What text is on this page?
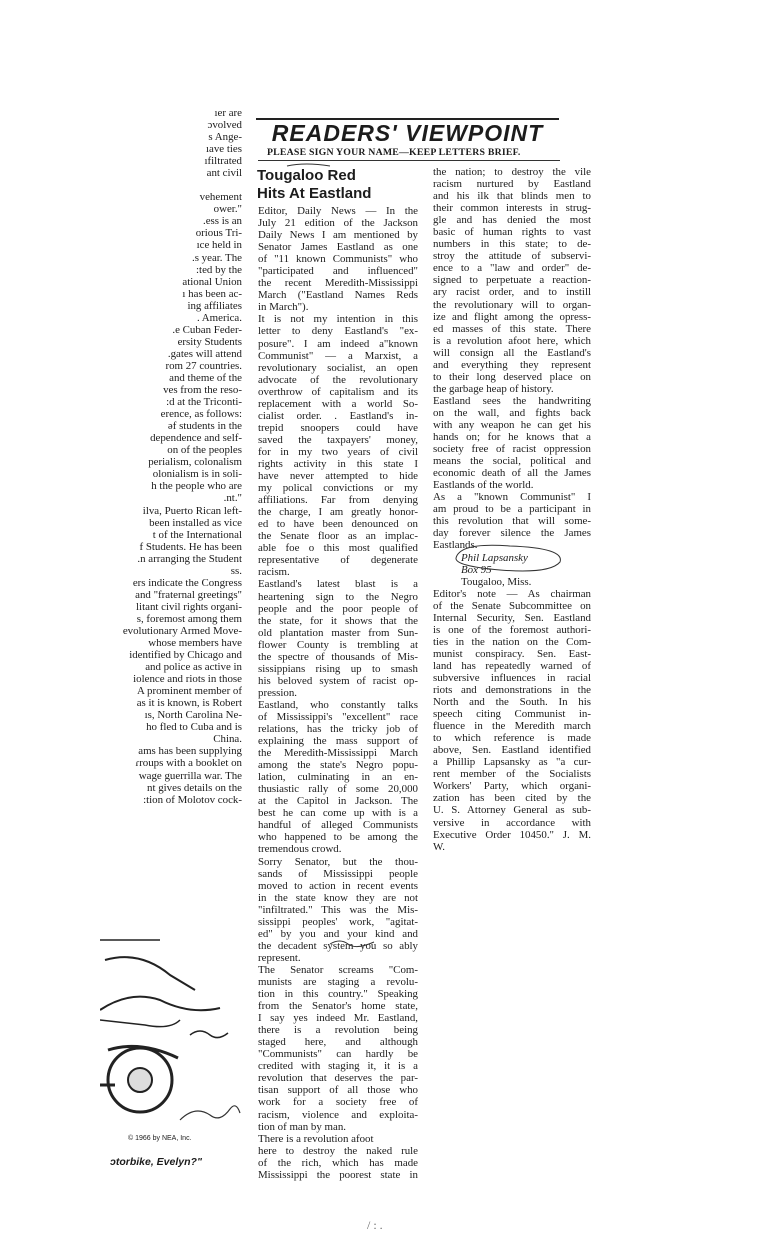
ıer are
ɔvolved
s Ange-
ıave ties
ıfiltrated
ant civil
vehement
ower."
.ess is an
orious Tri-
ıce held in
.s year. The
:ted by the
ational Union
ı has been ac-
ing affiliates
. America.
.e Cuban Feder-
ersity Students
.gates will attend
rom 27 countries.
and theme of the
ves from the reso-
:d at the Triconti-
erence, as follows:
əf students in the
dependence and self-
on of the peoples
perialism, colonalism
olonialism is in soli-
h the people who are
.nt."
ilva, Puerto Rican left-
been installed as vice
t of the International
f Students. He has been
.n arranging the Student
ss.
ers indicate the Congress
and "fraternal greetings"
litant civil rights organi-
s, foremost among them
evolutionary Armed Move-
whose members have
identified by Chicago and
and police as active in
iolence and riots in those
A prominent member of
as it is known, is Robert
ıs, North Carolina Ne-
ho fled to Cuba and is
China.
ams has been supplying
ɾroups with a booklet on
wage guerrilla war. The
nt gives details on the
:tion of Molotov cock-
READERS' VIEWPOINT
PLEASE SIGN YOUR NAME—KEEP LETTERS BRIEF.
Tougaloo Red
Hits At Eastland
Editor, Daily News — In the
July 21 edition of the Jackson
Daily News I am mentioned by
Senator James Eastland as one
of "11 known Communists" who
"participated and influenced"
the recent Meredith-Mississippi
March ("Eastland Names Reds
in March").
It is not my intention in this
letter to deny Eastland's "ex-
posure". I am indeed a"known
Communist" — a Marxist, a
revolutionary socialist, an open
advocate of the revolutionary
overthrow of capitalism and its
replacement with a world So-
cialist order. . Eastland's in-
trepid snoopers could have
saved the taxpayers' money,
for in my two years of civil
rights activity in this state I
have never attempted to hide
my polical convictions or my
affiliations. Far from denying
the charge, I am greatly honor-
ed to have been denounced on
the Senate floor as an implac-
able foe o this most qualified
representative of degenerate
racism.
Eastland's latest blast is a
heartening sign to the Negro
people and the poor people of
the state, for it shows that the
old plantation master from Sun-
flower County is trembling at
the spectre of thousands of Mis-
sissippians rising up to smash
his beloved system of racist op-
pression.
Eastland, who constantly talks
of Mississippi's "excellent" race
relations, has the tricky job of
explaining the mass support of
the Meredith-Mississippi March
among the state's Negro popu-
lation, culminating in an en-
thusiastic rally of some 20,000
at the Capitol in Jackson. The
best he can come up with is a
handful of alleged Communists
who happened to be among the
tremendous crowd.
Sorry Senator, but the thou-
sands of Mississippi people
moved to action in recent events
in the state know they are not
"infiltrated." This was the Mis-
sissippi peoples' work, "agitat-
ed" by you and your kind and
the decadent system you so ably
represent.
The Senator screams "Com-
munists are staging a revolu-
tion in this country." Speaking
from the Senator's home state,
I say yes indeed Mr. Eastland,
there is a revolution being
staged here, and although
"Communists" can hardly be
credited with staging it, it is a
revolution that deserves the par-
tisan support of all those who
work for a society free of
racism, violence and exploita-
tion of man by man.
There is a revolution afoot
here to destroy the naked rule
of the rich, which has made
Mississippi the poorest state in
the nation; to destroy the vile
racism nurtured by Eastland
and his ilk that blinds men to
their common interests in strug-
gle and has denied the most
basic of human rights to vast
numbers in this state; to de-
stroy the attitude of subservi-
ence to a "law and order" de-
signed to perpetuate a reaction-
ary racist order, and to instill
the revolutionary will to organ-
ize and flight among the opress-
ed masses of this state. There
is a revolution afoot here, which
will consign all the Eastland's
and everything they represent
to their long deserved place on
the garbage heap of history.
Eastland sees the handwriting
on the wall, and fights back
with any weapon he can get his
hands on; for he knows that a
society free of racist oppression
means the social, political and
economic death of all the James
Eastlands of the world.
As a "known Communist" I
am proud to be a participant in
this revolution that will some-
day forever silence the James
Eastlands.
Phil Lapsansky
Box 95
Tougaloo, Miss.
Editor's note — As chairman
of the Senate Subcommittee on
Internal Security, Sen. Eastland
is one of the foremost authori-
ties in the nation on the Com-
munist conspiracy. Sen. East-
land has repeatedly warned of
subversive influences in racial
riots and demonstrations in the
North and the South. In his
speech citing Communist in-
fluence in the Meredith march
to which reference is made
above, Sen. Eastland identified
a Phillip Lapsansky as "a cur-
rent member of the Socialists
Workers' Party, which organi-
zation has been cited by the
U. S. Attorney General as sub-
versive in accordance with
Executive Order 10450." J. M.
W.
© 1966 by NEA, Inc.
ɔtorbike, Evelyn?"
/ : .
